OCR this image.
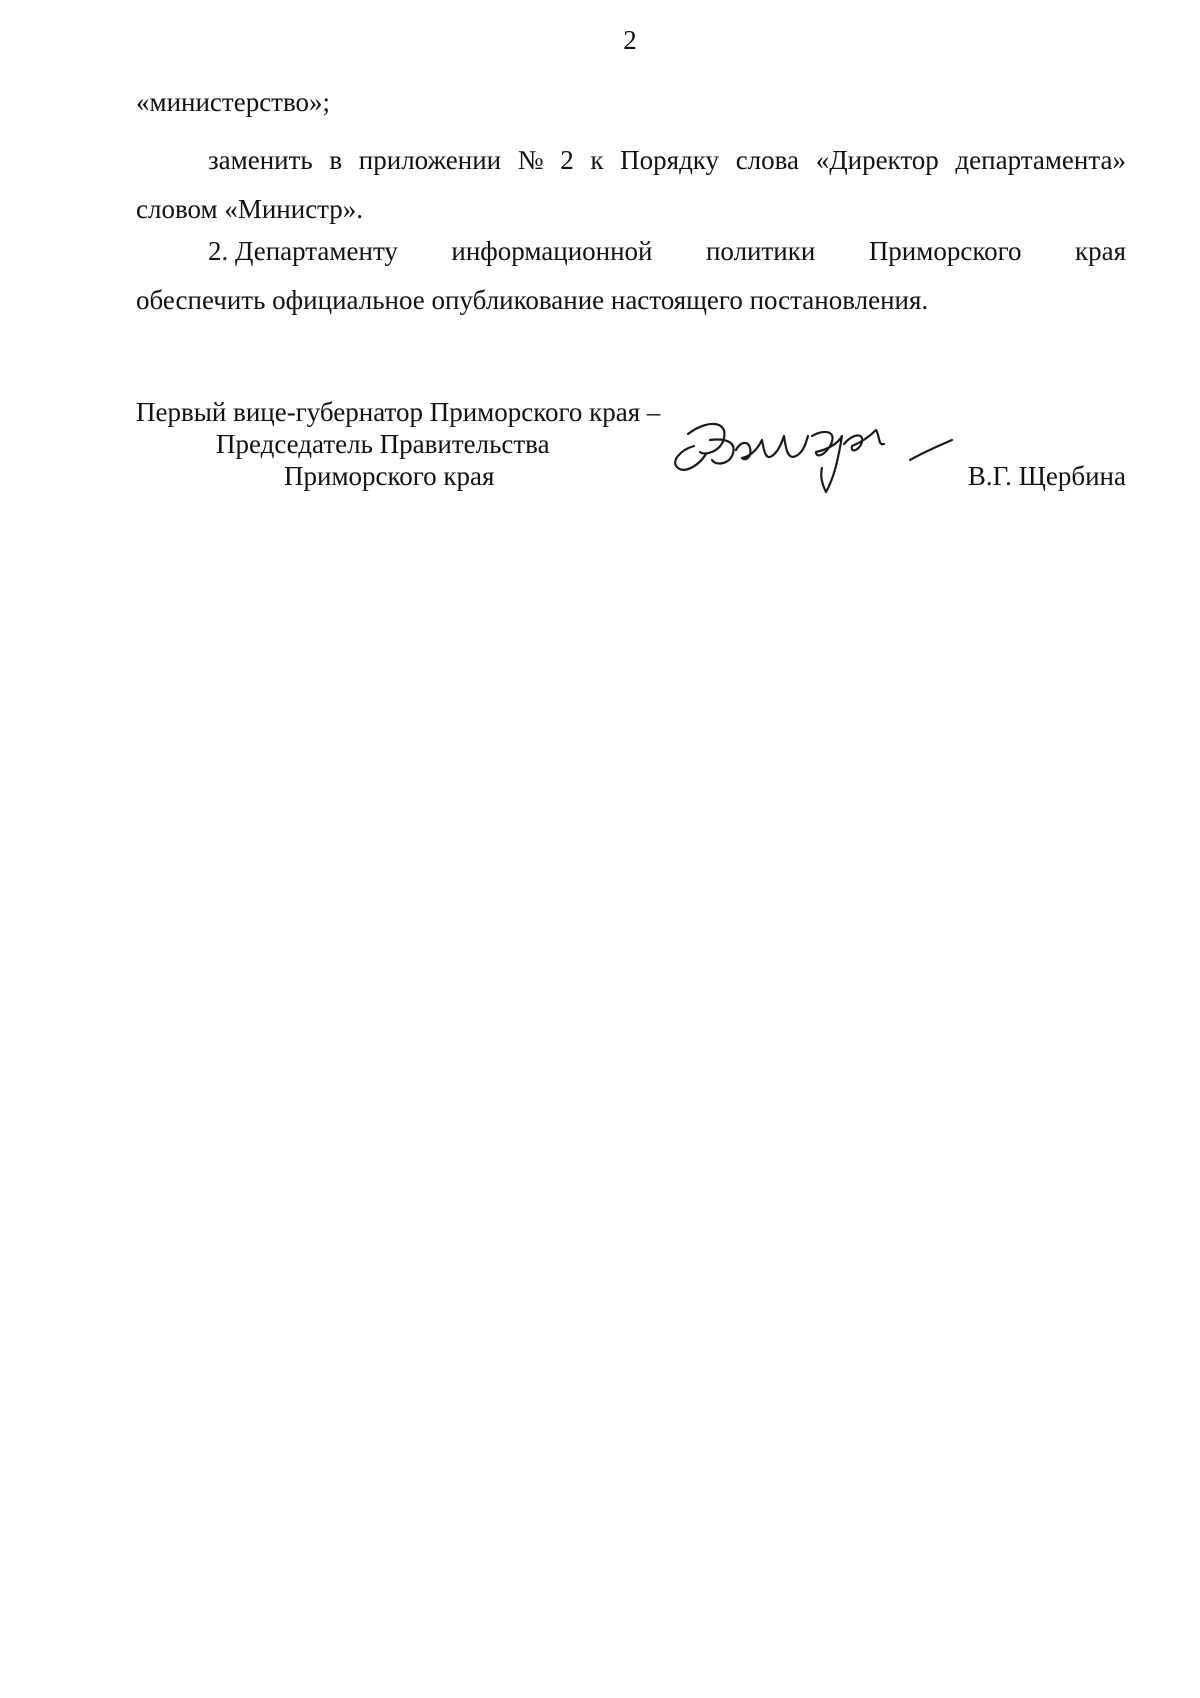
2
«министерство»;
заменить в приложении № 2 к Порядку слова «Директор департамента»
словом «Министр».
2. Департаменту информационной политики Приморского края
обеспечить официальное опубликование настоящего постановления.
Первый вице-губернатор Приморского края –
Председатель Правительства
Приморского края	В.Г. Щербина
